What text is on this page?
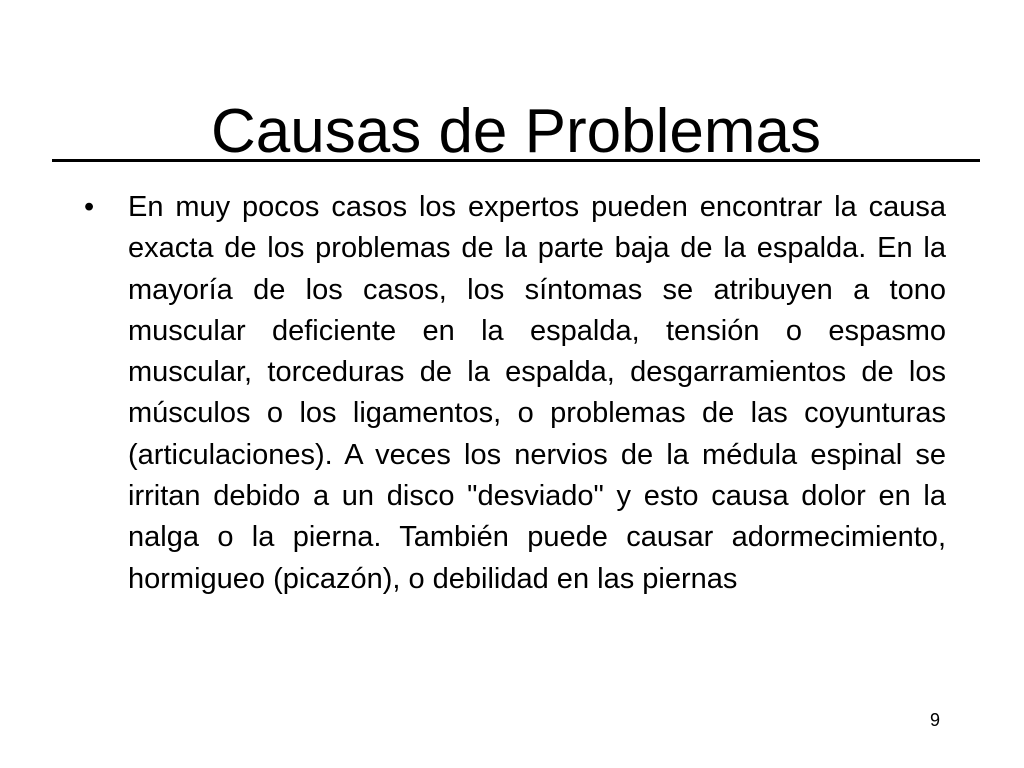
Causas de Problemas
• En muy pocos casos los expertos pueden encontrar la causa exacta de los problemas de la parte baja de la espalda. En la mayoría de los casos, los síntomas se atribuyen a tono muscular deficiente en la espalda, tensión o espasmo muscular, torceduras de la espalda, desgarramientos de los músculos o los ligamentos, o problemas de las coyunturas (articulaciones). A veces los nervios de la médula espinal se irritan debido a un disco "desviado" y esto causa dolor en la nalga o la pierna. También puede causar adormecimiento, hormigueo (picazón), o debilidad en las piernas
9
